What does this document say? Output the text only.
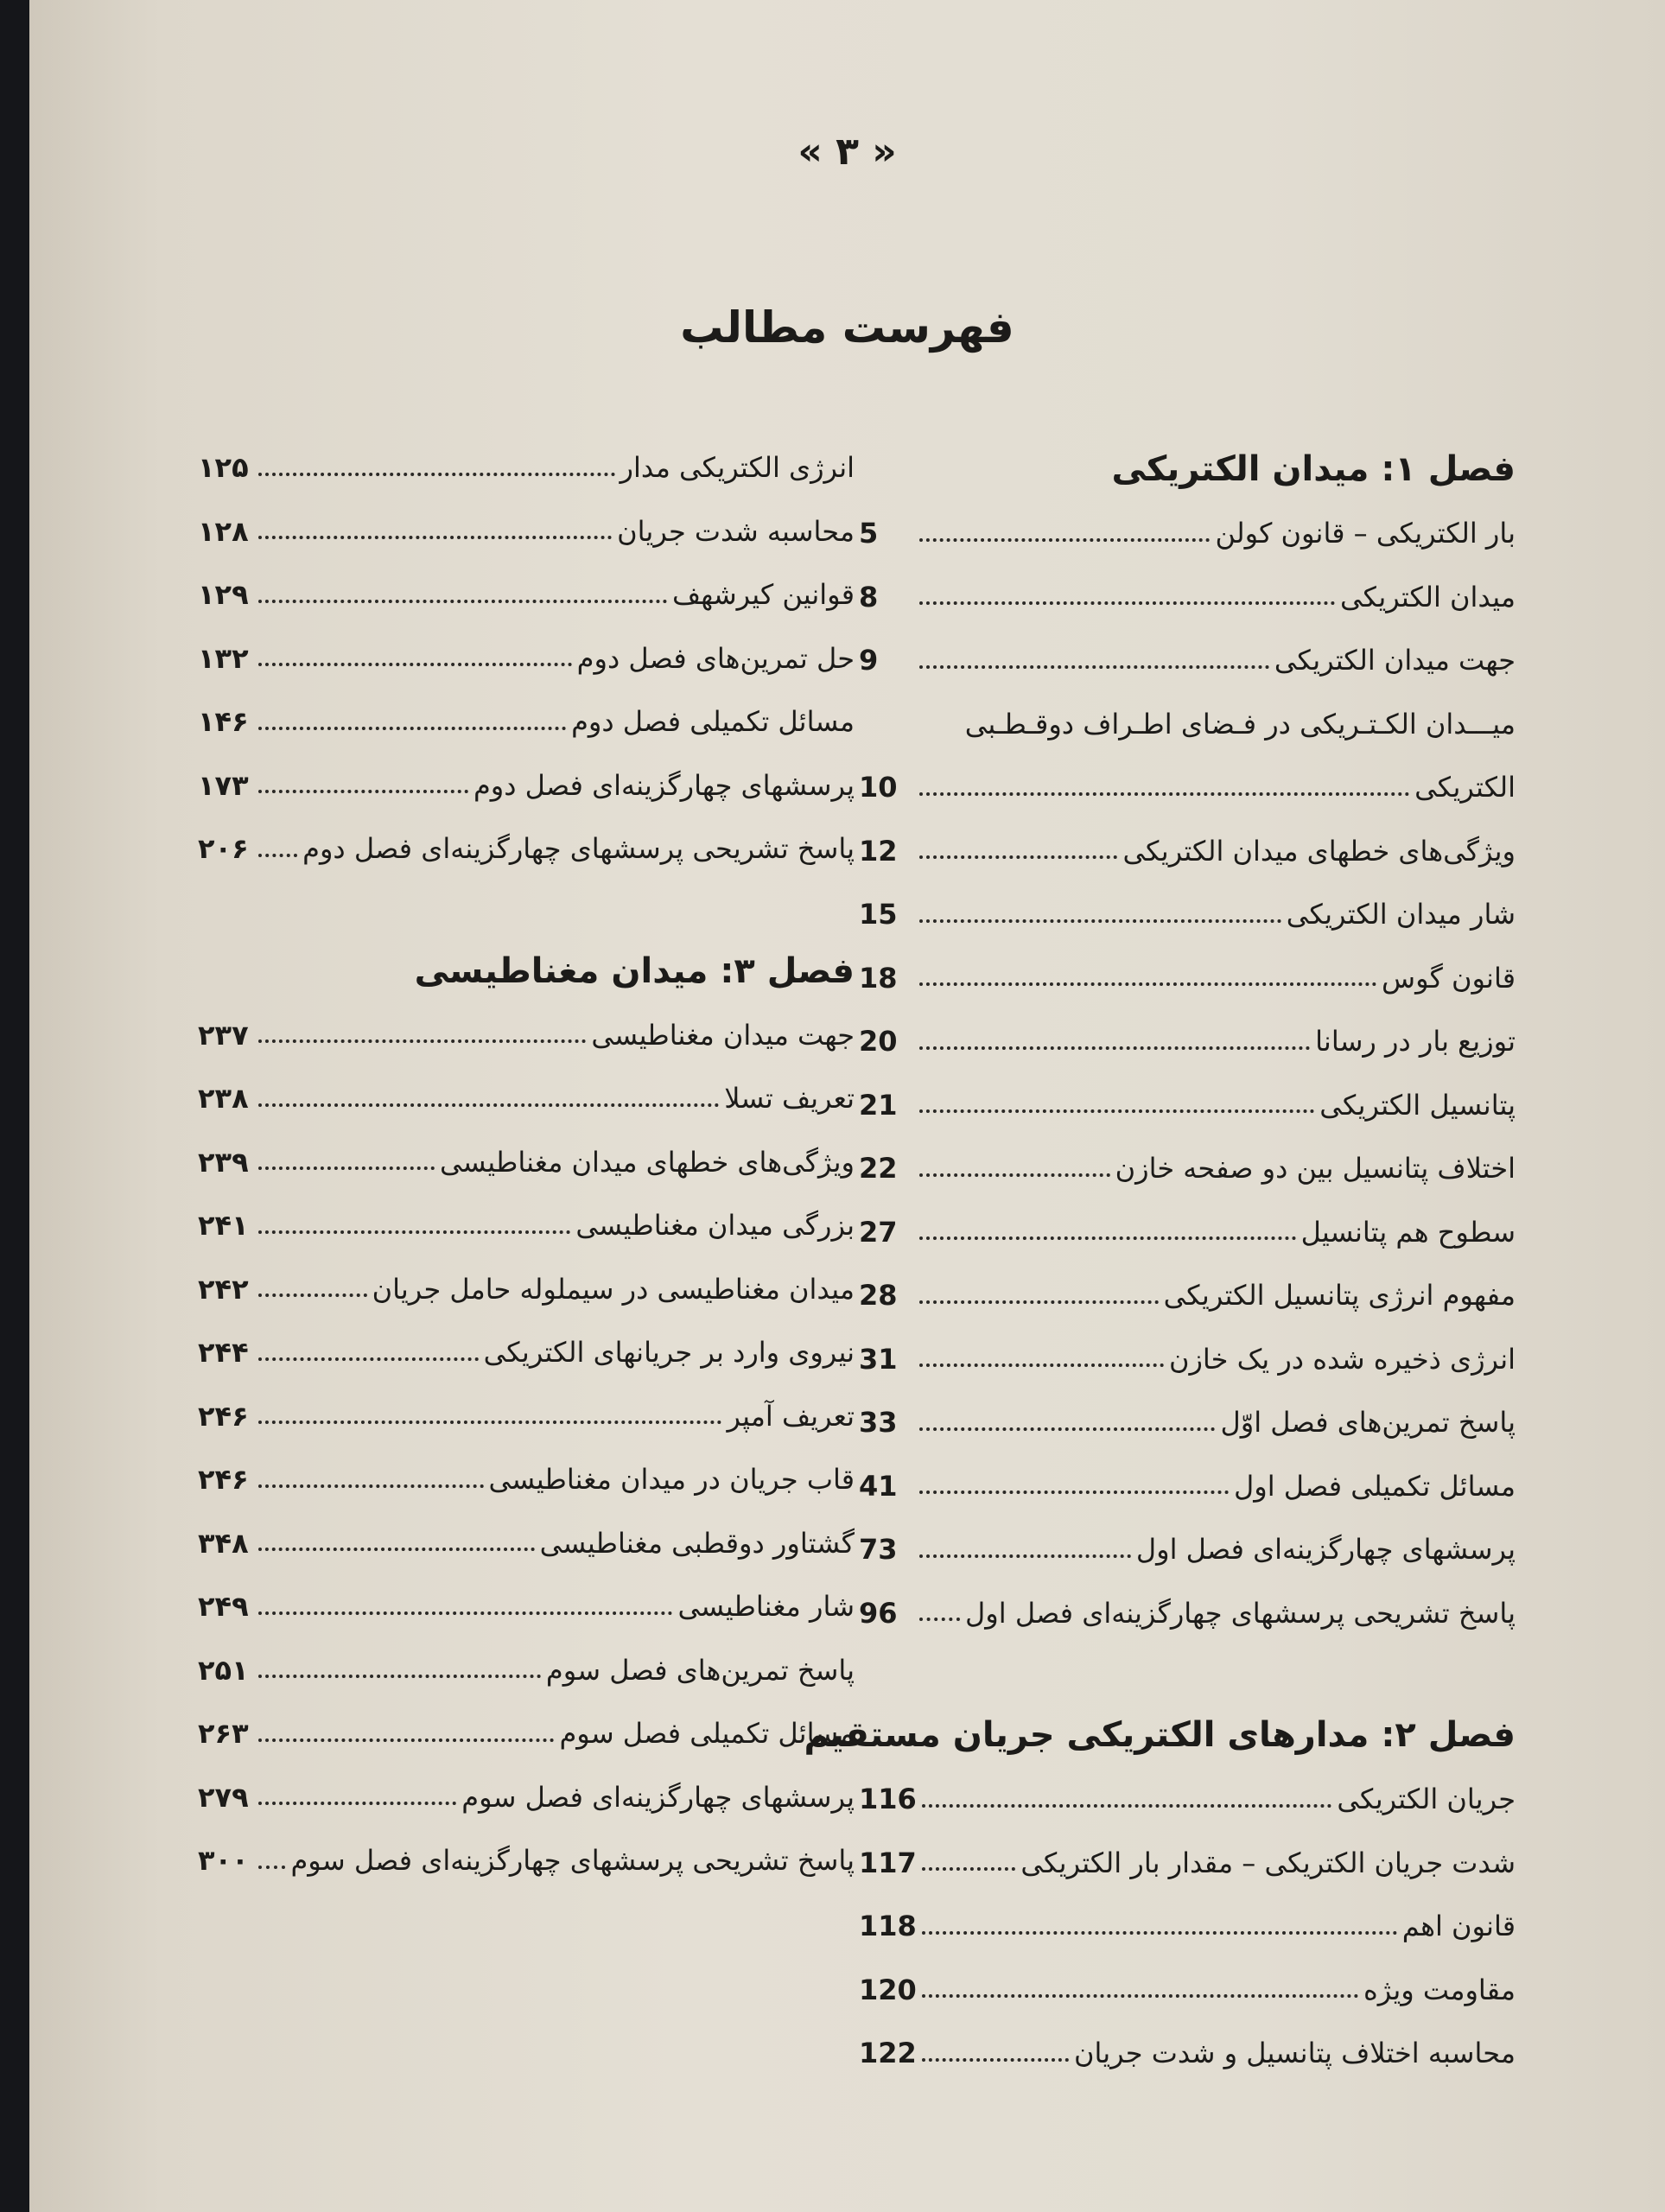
« ۳ »
فهرست مطالب
فصل ۱: میدان الکتریکی
بار الکتریکی – قانون کولن
5
میدان الکتریکی
8
جهت میدان الکتریکی
9
میـــدان الکـتـریکی در فـضای اطـراف دوقـطـبی
الکتریکی
10
ویژگی‌های خطهای میدان الکتریکی
12
شار میدان الکتریکی
15
قانون گوس
18
توزیع بار در رسانا
20
پتانسیل الکتریکی
21
اختلاف پتانسیل بین دو صفحه خازن
22
سطوح هم پتانسیل
27
مفهوم انرژی پتانسیل الکتریکی
28
انرژی ذخیره شده در یک خازن
31
پاسخ تمرین‌های فصل اوّل
33
مسائل تکمیلی فصل اول
41
پرسشهای چهارگزینه‌ای فصل اول
73
پاسخ تشریحی پرسشهای چهارگزینه‌ای فصل اول
96
فصل ۲: مدارهای الکتریکی جریان مستقیم
جریان الکتریکی
116
شدت جریان الکتریکی – مقدار بار الکتریکی
117
قانون اهم
118
مقاومت ویژه
120
محاسبه اختلاف پتانسیل و شدت جریان
122
انرژی الکتریکی مدار
۱۲۵
محاسبه شدت جریان
۱۲۸
قوانین کیرشهف
۱۲۹
حل تمرین‌های فصل دوم
۱۳۲
مسائل تکمیلی فصل دوم
۱۴۶
پرسشهای چهارگزینه‌ای فصل دوم
۱۷۳
پاسخ تشریحی پرسشهای چهارگزینه‌ای فصل دوم
۲۰۶
فصل ۳: میدان مغناطیسی
جهت میدان مغناطیسی
۲۳۷
تعریف تسلا
۲۳۸
ویژگی‌های خطهای میدان مغناطیسی
۲۳۹
بزرگی میدان مغناطیسی
۲۴۱
میدان مغناطیسی در سیملوله حامل جریان
۲۴۲
نیروی وارد بر جریانهای الکتریکی
۲۴۴
تعریف آمپر
۲۴۶
قاب جریان در میدان مغناطیسی
۲۴۶
گشتاور دوقطبی مغناطیسی
۳۴۸
شار مغناطیسی
۲۴۹
پاسخ تمرین‌های فصل سوم
۲۵۱
مسائل تکمیلی فصل سوم
۲۶۳
پرسشهای چهارگزینه‌ای فصل سوم
۲۷۹
پاسخ تشریحی پرسشهای چهارگزینه‌ای فصل سوم
۳۰۰
